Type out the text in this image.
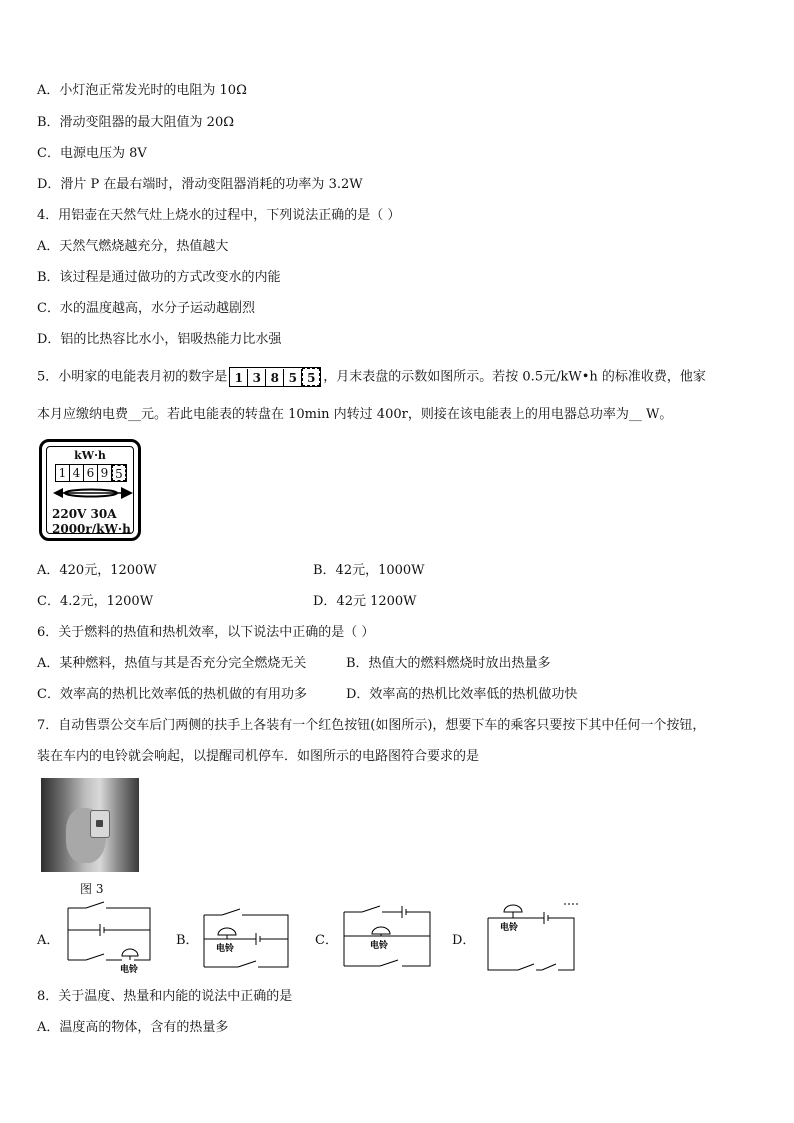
A．小灯泡正常发光时的电阻为 10Ω
B．滑动变阻器的最大阻值为 20Ω
C．电源电压为 8V
D．滑片 P 在最右端时，滑动变阻器消耗的功率为 3.2W
4．用铝壶在天然气灶上烧水的过程中，下列说法正确的是（ ）
A．天然气燃烧越充分，热值越大
B．该过程是通过做功的方式改变水的内能
C．水的温度越高，水分子运动越剧烈
D．铝的比热容比水小，铝吸热能力比水强
5．小明家的电能表月初的数字是 1 3 8 5 5 ，月末表盘的示数如图所示。若按 0.5元/kW•h 的标准收费，他家
本月应缴纳电费__元。若此电能表的转盘在 10min 内转过 400r，则接在该电能表上的用电器总功率为__ W。
kW·h
1 4 6 9 5
220V 30A
2000r/kW·h
A．420元，1200W	B．42元，1000W
C．4.2元，1200W	D．42元 1200W
6．关于燃料的热值和热机效率，以下说法中正确的是（ ）
A．某种燃料，热值与其是否充分完全燃烧无关	B．热值大的燃料燃烧时放出热量多
C．效率高的热机比效率低的热机做的有用功多	D．效率高的热机比效率低的热机做功快
7．自动售票公交车后门两侧的扶手上各装有一个红色按钮(如图所示)，想要下车的乘客只要按下其中任何一个按钮，
装在车内的电铃就会响起，以提醒司机停车．如图所示的电路图符合要求的是
图 3
A．	B．	C．	D．
电铃
电铃	电铃
电铃
8．关于温度、热量和内能的说法中正确的是
A．温度高的物体，含有的热量多
